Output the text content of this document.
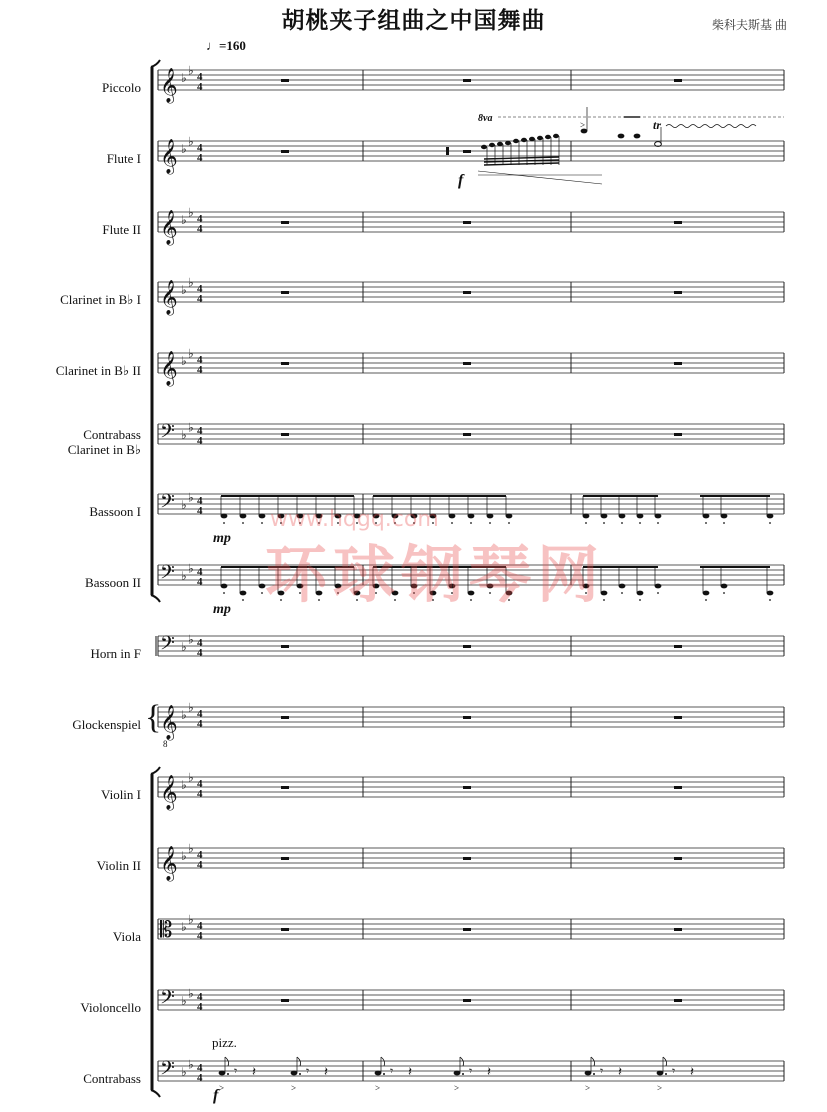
胡桃夹子组曲之中国舞曲	柴科夫斯基 曲
♩=160
𝄞 ♭
♭ 4
4
𝄞 ♭
♭ 4
4
𝄞 ♭
♭ 4
4
𝄞 ♭
♭ 4
4
𝄞 ♭
♭ 4
4
𝄢 ♭
♭ 4
4
𝄢 ♭
♭ 4
4
𝄢 ♭
♭ 4
4
𝄢 ♭
♭ 4
4
𝄞
8
♭
♭ 4
4
𝄞 ♭
♭ 4
4
𝄞 ♭
♭ 4
4
𝄡 ♭
♭ 4
4
𝄢 ♭
♭ 4
4
𝄢 ♭
♭ 4
4
{
f
8va
>	tr
mp
mp
pizz.
f >
𝄾 𝄽
>
𝄾 𝄽
>
𝄾 𝄽
>
𝄾 𝄽
>
𝄾 𝄽
>
𝄾 𝄽
Piccolo
Flute I
Flute II
Clarinet in B♭ I
Clarinet in B♭ II
Contrabass
Clarinet in B♭
Bassoon I
Bassoon II
Horn in F
Glockenspiel
Violin I
Violin II
Viola
Violoncello
Contrabass
www.hqgq.com
环球钢琴网
